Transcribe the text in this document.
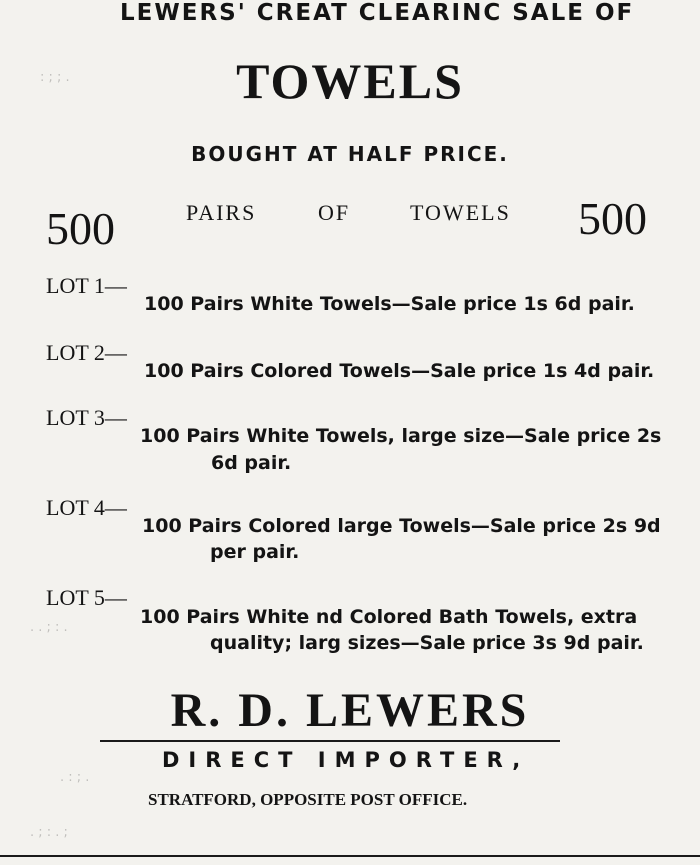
: ; ; .
. . ; : .
. : ; .
. ; : . ;
LEWERS' CREAT CLEARINC SALE OF
TOWELS
BOUGHT AT HALF PRICE.
500	PAIRS	OF	TOWELS 500
LOT 1—
100 Pairs White Towels—Sale price 1s 6d pair.
LOT 2—
100 Pairs Colored Towels—Sale price 1s 4d pair.
LOT 3—
100 Pairs White Towels, large size—Sale price 2s
6d pair.
LOT 4—
100 Pairs Colored large Towels—Sale price 2s 9d
per pair.
LOT 5—
100 Pairs White nd Colored Bath Towels, extra
quality; larg sizes—Sale price 3s 9d pair.
R. D. LEWERS
DIRECT IMPORTER,
STRATFORD, OPPOSITE POST OFFICE.
